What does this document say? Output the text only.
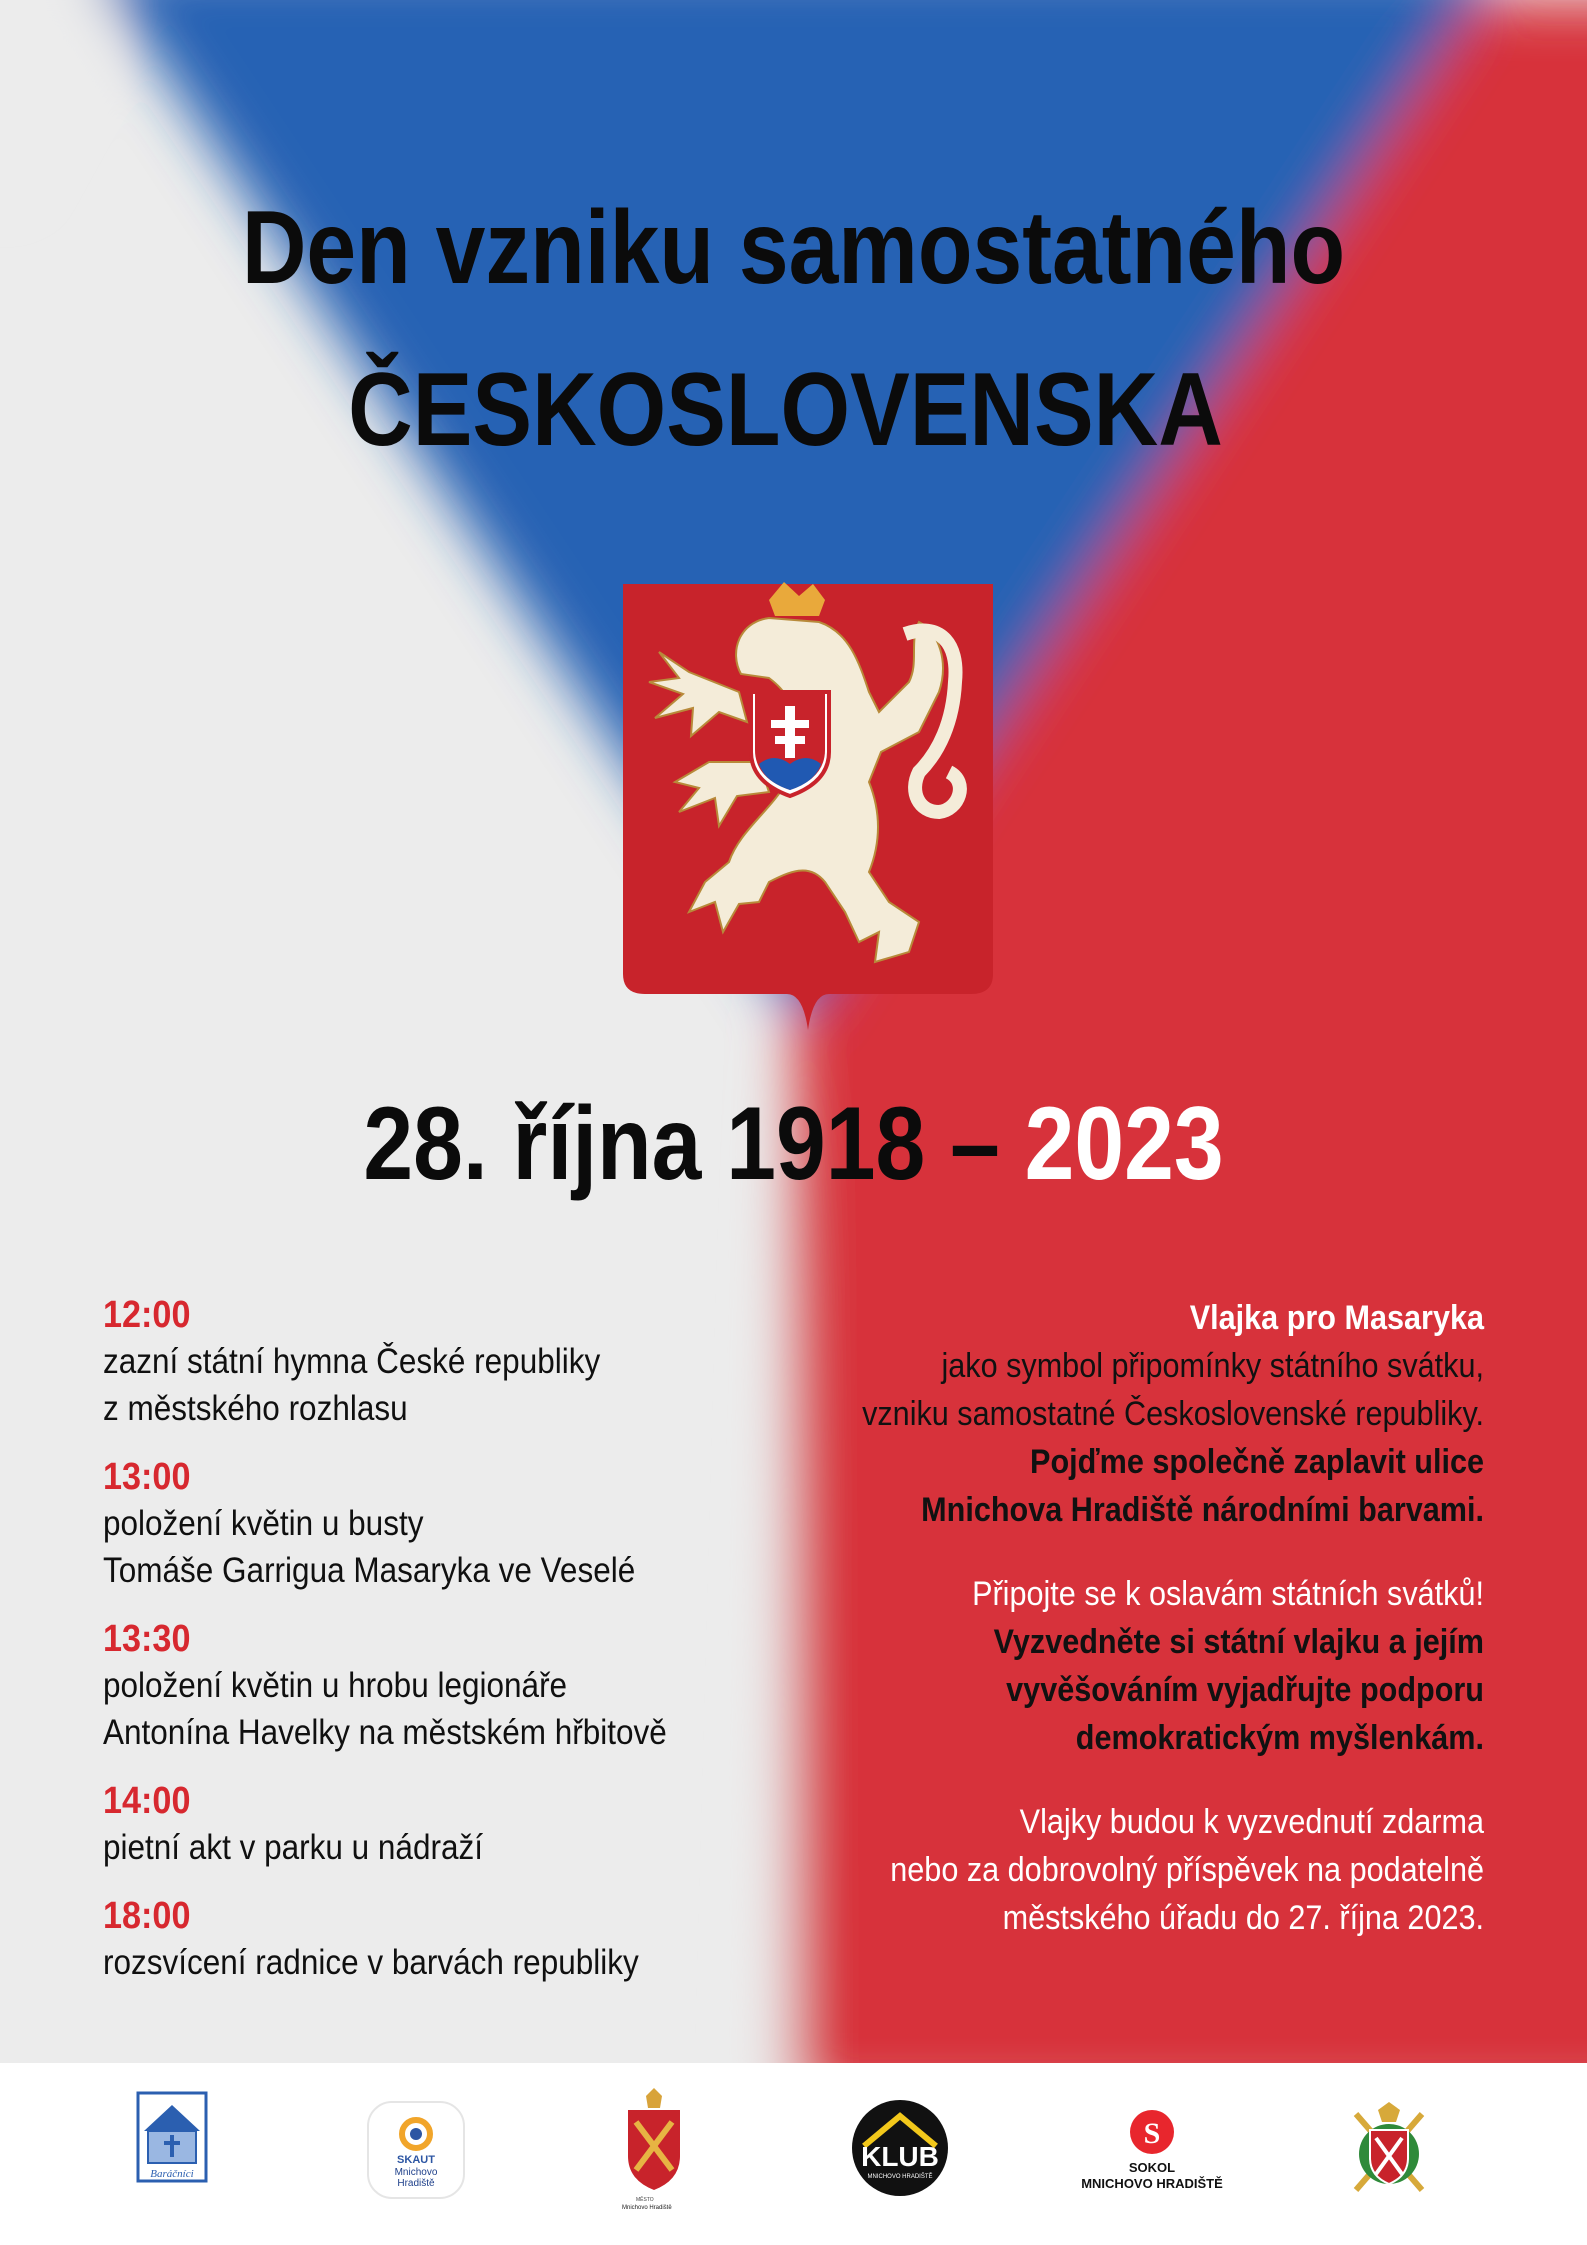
Den vzniku samostatného
ČESKOSLOVENSKA
28. října 1918 – 2023
12:00
zazní státní hymna České republiky
z městského rozhlasu
13:00
položení květin u busty
Tomáše Garrigua Masaryka ve Veselé
13:30
položení květin u hrobu legionáře
Antonína Havelky na městském hřbitově
14:00
pietní akt v parku u nádraží
18:00
rozsvícení radnice v barvách republiky

Vlajka pro Masaryka

jako symbol připomínky státního svátku,

vzniku samostatné Československé republiky.

Pojďme společně zaplavit ulice

Mnichova Hradiště národními barvami.

Připojte se k oslavám státních svátků!

Vyzvedněte si státní vlajku a jejím

vyvěšováním vyjadřujte podporu

demokratickým myšlenkám.

Vlajky budou k vyzvednutí zdarma

nebo za dobrovolný příspěvek na podatelně

městského úřadu do 27. října 2023.

Baráčníci
SKAUT
Mnichovo
Hradiště
MĚSTO
Mnichovo Hradiště
KLUB
MNICHOVO HRADIŠTĚ
S
SOKOL
MNICHOVO HRADIŠTĚ
